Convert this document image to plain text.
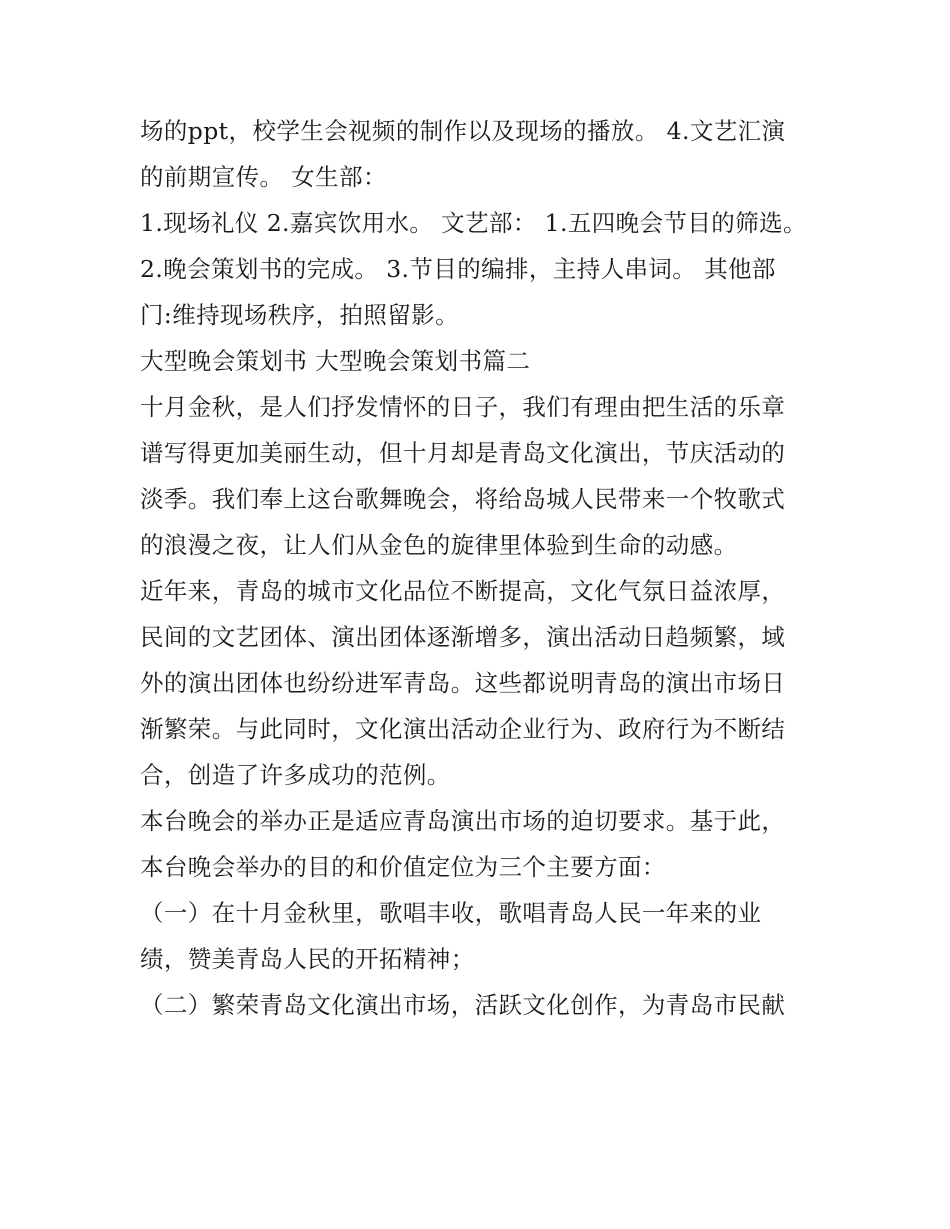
场的ppt，校学生会视频的制作以及现场的播放。 4.文艺汇演
的前期宣传。 女生部：
1.现场礼仪 2.嘉宾饮用水。 文艺部： 1.五四晚会节目的筛选。
2.晚会策划书的完成。 3.节目的编排，主持人串词。 其他部
门:维持现场秩序，拍照留影。
大型晚会策划书 大型晚会策划书篇二
十月金秋，是人们抒发情怀的日子，我们有理由把生活的乐章
谱写得更加美丽生动，但十月却是青岛文化演出，节庆活动的
淡季。我们奉上这台歌舞晚会，将给岛城人民带来一个牧歌式
的浪漫之夜，让人们从金色的旋律里体验到生命的动感。
近年来，青岛的城市文化品位不断提高，文化气氛日益浓厚，
民间的文艺团体、演出团体逐渐增多，演出活动日趋频繁，域
外的演出团体也纷纷进军青岛。这些都说明青岛的演出市场日
渐繁荣。与此同时，文化演出活动企业行为、政府行为不断结
合，创造了许多成功的范例。
本台晚会的举办正是适应青岛演出市场的迫切要求。基于此，
本台晚会举办的目的和价值定位为三个主要方面：
（一）在十月金秋里，歌唱丰收，歌唱青岛人民一年来的业
绩，赞美青岛人民的开拓精神；
（二）繁荣青岛文化演出市场，活跃文化创作，为青岛市民献
